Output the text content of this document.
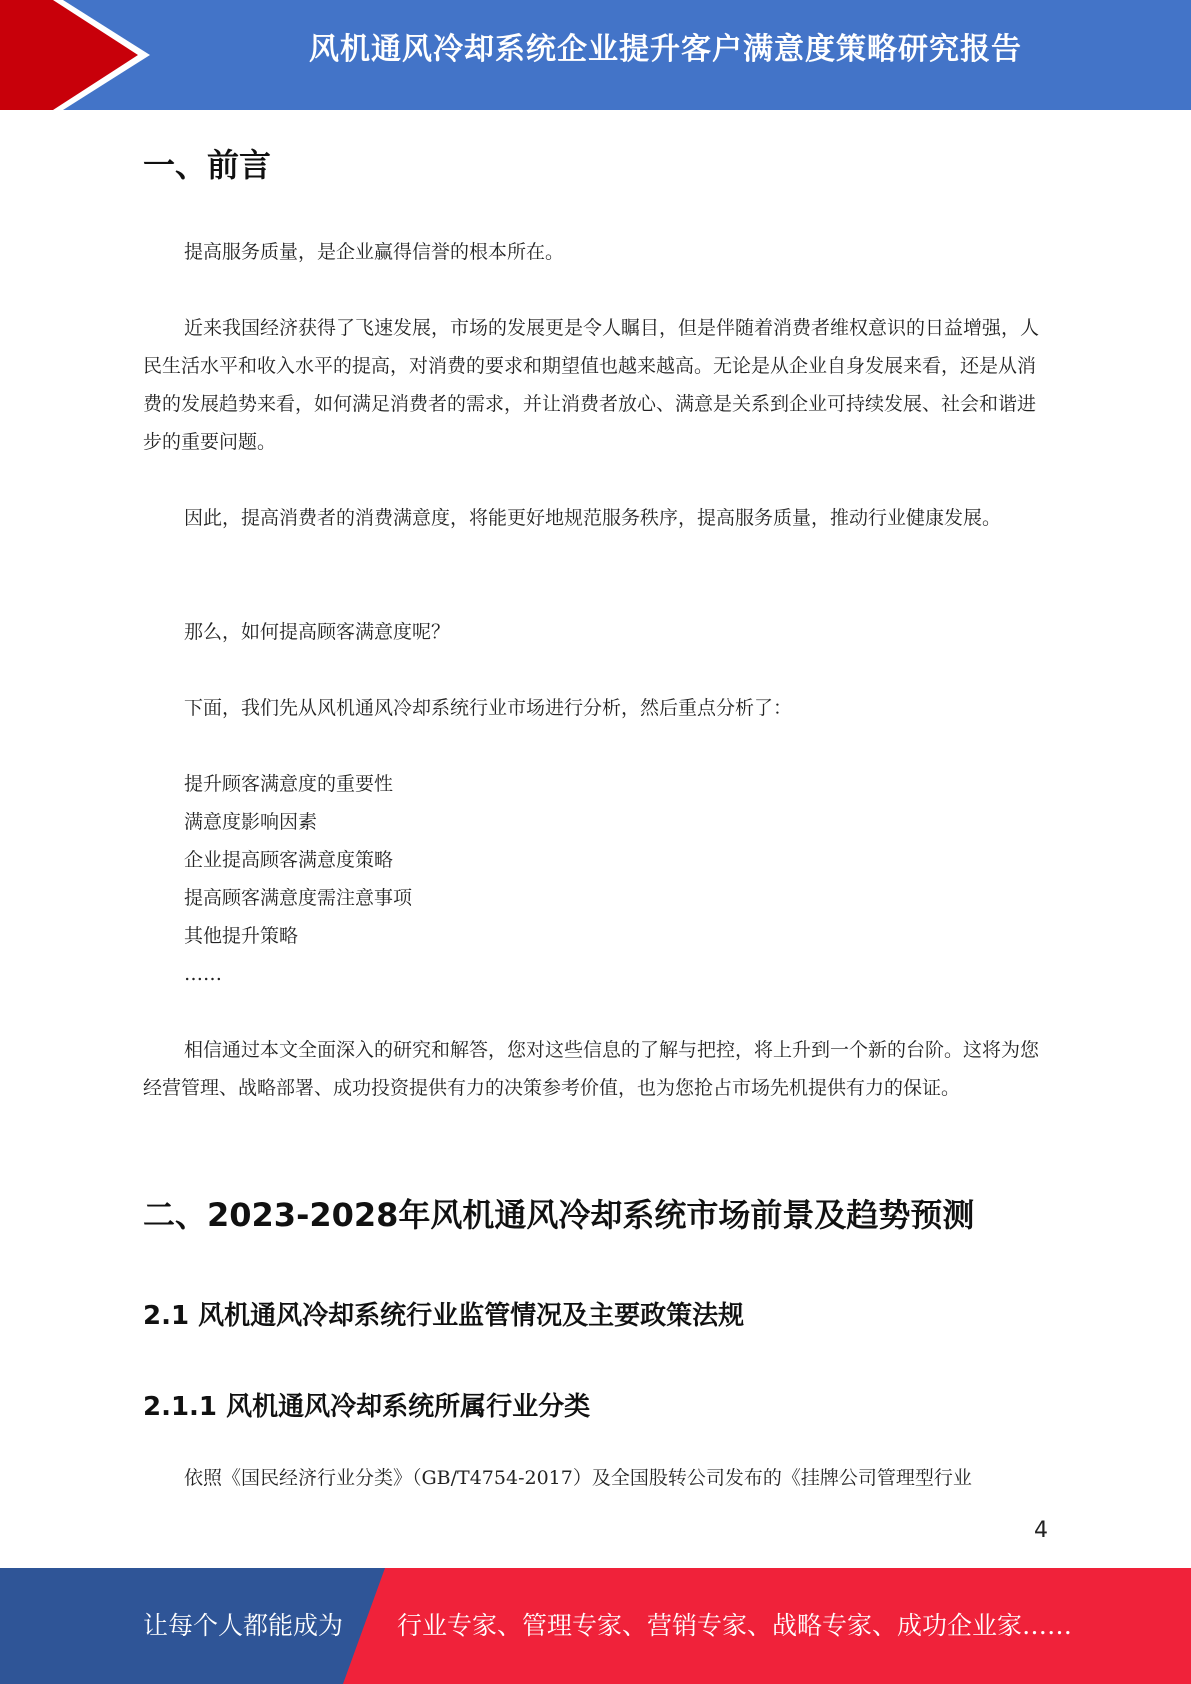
风机通风冷却系统企业提升客户满意度策略研究报告
一、前言

提高服务质量，是企业赢得信誉的根本所在。

近来我国经济获得了飞速发展，市场的发展更是令人瞩目，但是伴随着消费者维权意识的日益增强，人民生活水平和收入水平的提高，对消费的要求和期望值也越来越高。无论是从企业自身发展来看，还是从消费的发展趋势来看，如何满足消费者的需求，并让消费者放心、满意是关系到企业可持续发展、社会和谐进步的重要问题。

因此，提高消费者的消费满意度，将能更好地规范服务秩序，提高服务质量，推动行业健康发展。

那么，如何提高顾客满意度呢？

下面，我们先从风机通风冷却系统行业市场进行分析，然后重点分析了：

提升顾客满意度的重要性
满意度影响因素
企业提高顾客满意度策略
提高顾客满意度需注意事项
其他提升策略
……

相信通过本文全面深入的研究和解答，您对这些信息的了解与把控，将上升到一个新的台阶。这将为您经营管理、战略部署、成功投资提供有力的决策参考价值，也为您抢占市场先机提供有力的保证。

二、2023-2028年风机通风冷却系统市场前景及趋势预测
2.1 风机通风冷却系统行业监管情况及主要政策法规
2.1.1 风机通风冷却系统所属行业分类

依照《国民经济行业分类》（GB/T4754-2017）及全国股转公司发布的《挂牌公司管理型行业

4
让每个人都能成为 行业专家、管理专家、营销专家、战略专家、成功企业家……
